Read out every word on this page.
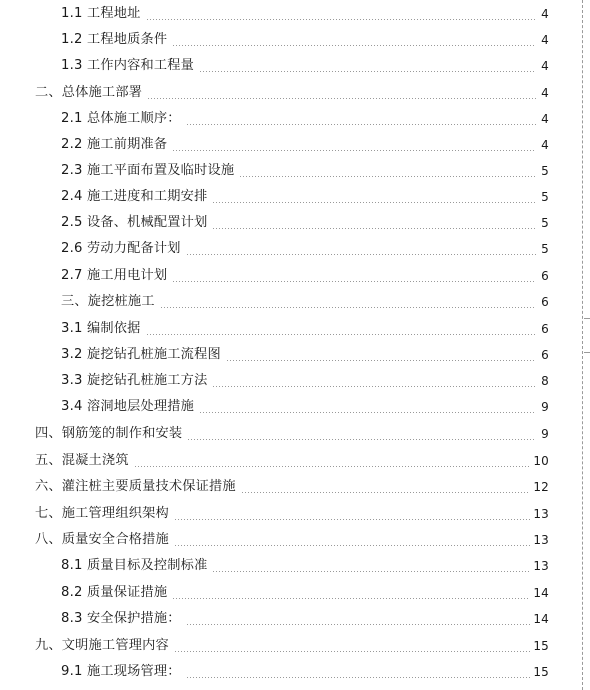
1.1 工程地址	4
1.2 工程地质条件	4
1.3 工作内容和工程量	4
二、总体施工部署	4
2.1 总体施工顺序：	4
2.2 施工前期准备	4
2.3 施工平面布置及临时设施	5
2.4 施工进度和工期安排	5
2.5 设备、机械配置计划	5
2.6 劳动力配备计划	5
2.7 施工用电计划	6
三、旋挖桩施工	6
3.1 编制依据	6
3.2 旋挖钻孔桩施工流程图	6
3.3 旋挖钻孔桩施工方法	8
3.4 溶洞地层处理措施	9
四、钢筋笼的制作和安装	9
五、混凝土浇筑	10
六、灌注桩主要质量技术保证措施	12
七、施工管理组织架构	13
八、质量安全合格措施	13
8.1 质量目标及控制标准	13
8.2 质量保证措施	14
8.3 安全保护措施：	14
九、文明施工管理内容	15
9.1 施工现场管理：	15
